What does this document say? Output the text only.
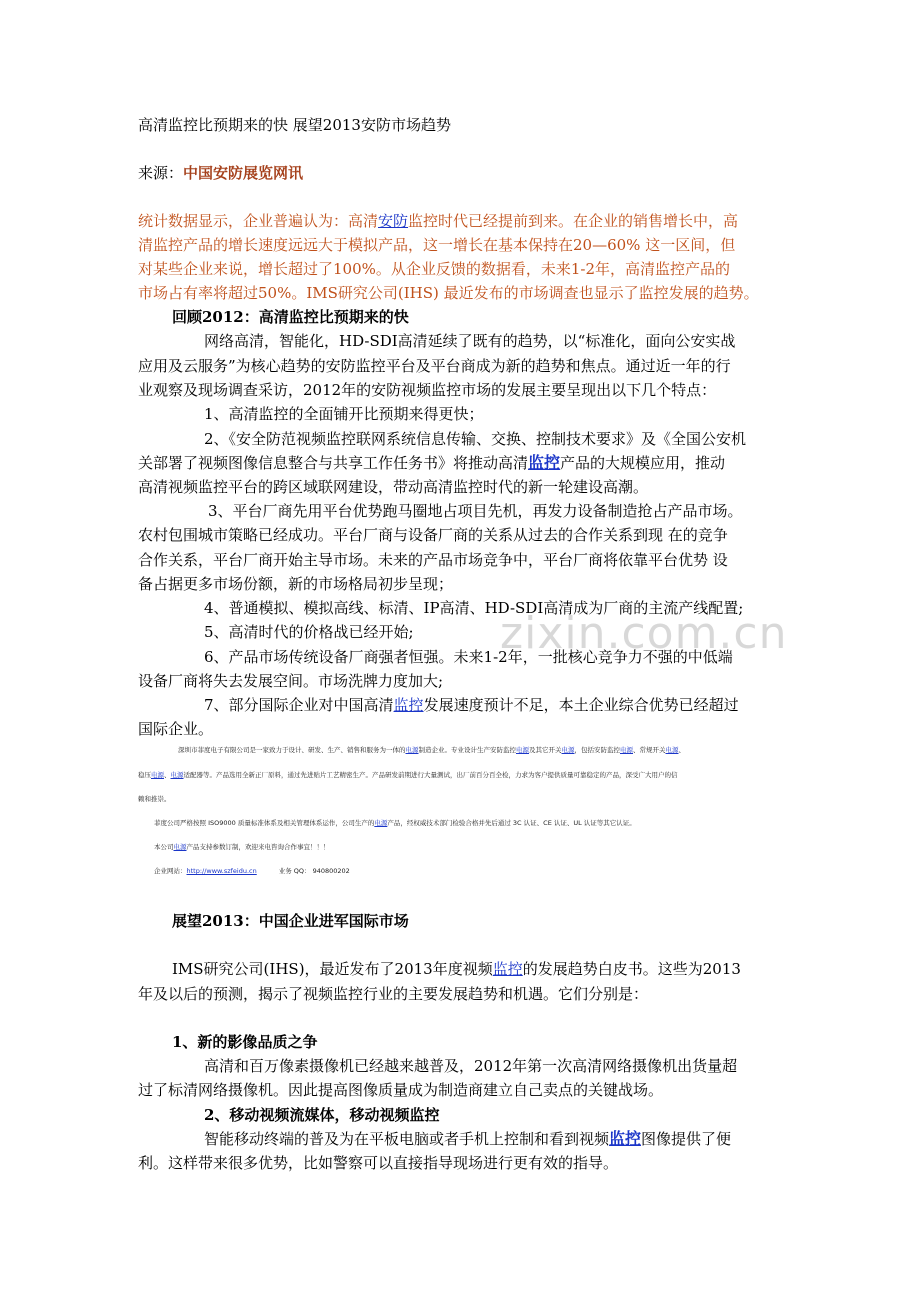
zixin.com.cn
高清监控比预期来的快 展望2013安防市场趋势
来源：中国安防展览网讯
统计数据显示，企业普遍认为：高清安防监控时代已经提前到来。在企业的销售增长中，高
清监控产品的增长速度远远大于模拟产品，这一增长在基本保持在20—60% 这一区间，但
对某些企业来说，增长超过了100%。从企业反馈的数据看，未来1-2年，高清监控产品的
市场占有率将超过50%。IMS研究公司(IHS) 最近发布的市场调查也显示了监控发展的趋势。
回顾2012：高清监控比预期来的快
网络高清，智能化，HD-SDI高清延续了既有的趋势，以“标准化，面向公安实战
应用及云服务”为核心趋势的安防监控平台及平台商成为新的趋势和焦点。通过近一年的行
业观察及现场调查采访，2012年的安防视频监控市场的发展主要呈现出以下几个特点：
1、高清监控的全面铺开比预期来得更快；
2、《安全防范视频监控联网系统信息传输、交换、控制技术要求》及《全国公安机
关部署了视频图像信息整合与共享工作任务书》将推动高清监控产品的大规模应用，推动
高清视频监控平台的跨区域联网建设，带动高清监控时代的新一轮建设高潮。
3、平台厂商先用平台优势跑马圈地占项目先机，再发力设备制造抢占产品市场。
农村包围城市策略已经成功。平台厂商与设备厂商的关系从过去的合作关系到现 在的竞争
合作关系，平台厂商开始主导市场。未来的产品市场竞争中，平台厂商将依靠平台优势 设
备占据更多市场份额，新的市场格局初步呈现；
4、普通模拟、模拟高线、标清、IP高清、HD-SDI高清成为厂商的主流产线配置;
5、高清时代的价格战已经开始;
6、产品市场传统设备厂商强者恒强。未来1-2年，一批核心竞争力不强的中低端
设备厂商将失去发展空间。市场洗牌力度加大;
7、部分国际企业对中国高清监控发展速度预计不足，本土企业综合优势已经超过
国际企业。
深圳市菲度电子有限公司是一家致力于设计、研发、生产、销售和服务为一体的电源制造企业。专业设计生产安防监控电源及其它开关电源，包括安防监控电源、常规开关电源、
稳压电源、电源适配器等。产品选用全新正厂原料，通过先进贴片工艺精密生产。产品研发前期进行大量测试，出厂前百分百全检，力求为客户提供质量可靠稳定的产品，深受广大用户的信
赖和推崇。
菲度公司严格按照 ISO9000 质量标准体系及相关管理体系运作，公司生产的电源产品，经权威技术部门检验合格并先后通过 3C 认证、CE 认证、UL 认证等其它认证。
本公司电源产品支持参数订制，欢迎来电咨询合作事宜！！！
企业网站：http://www.szfeidu.cn	业务 QQ： 940800202
展望2013：中国企业进军国际市场
IMS研究公司(IHS)，最近发布了2013年度视频监控的发展趋势白皮书。这些为2013
年及以后的预测，揭示了视频监控行业的主要发展趋势和机遇。它们分别是：
1、新的影像品质之争
高清和百万像素摄像机已经越来越普及，2012年第一次高清网络摄像机出货量超
过了标清网络摄像机。因此提高图像质量成为制造商建立自己卖点的关键战场。
2、移动视频流媒体，移动视频监控
智能移动终端的普及为在平板电脑或者手机上控制和看到视频监控图像提供了便
利。这样带来很多优势，比如警察可以直接指导现场进行更有效的指导。
